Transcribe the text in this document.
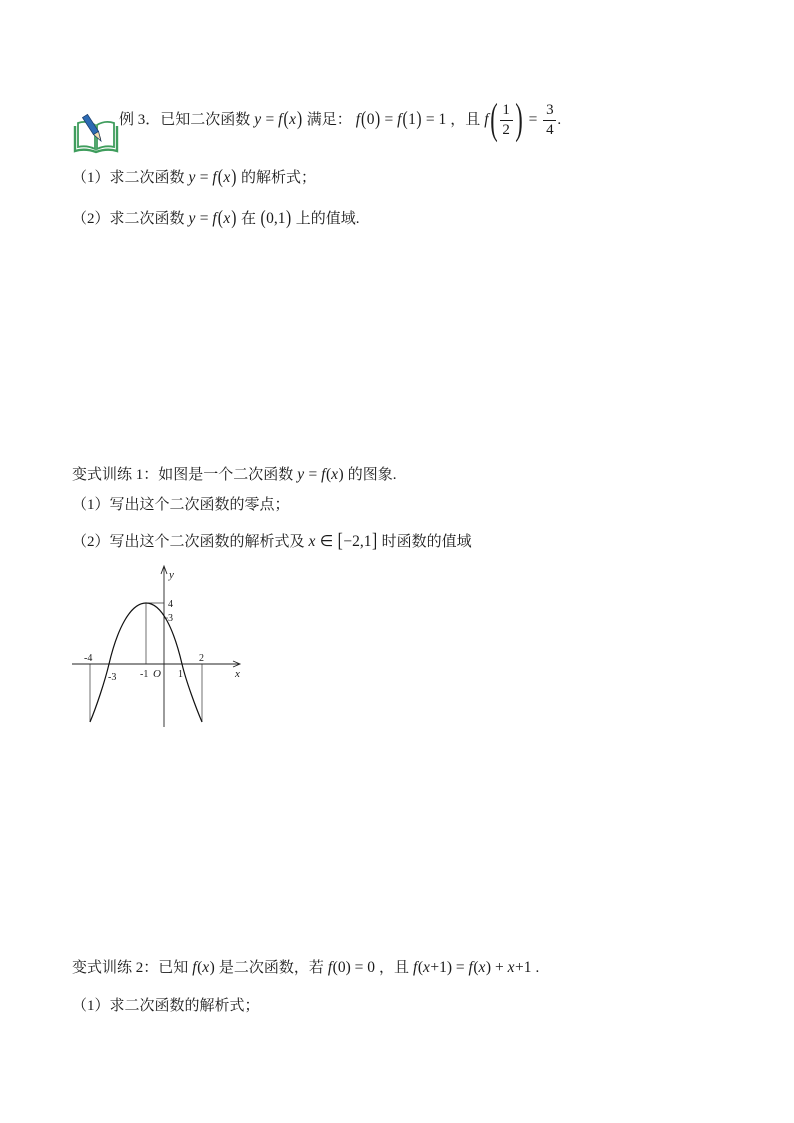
例 3．已知二次函数 y = f(x) 满足： f(0) = f(1) = 1 ，且 f ( $\frac{1}{2}$ ) = $\frac{3}{4}$ .
（1）求二次函数 y = f(x) 的解析式；
（2）求二次函数 y = f(x) 在 (0,1) 上的值域.
变式训练 1：如图是一个二次函数 y = f(x) 的图象.
（1）写出这个二次函数的零点；
（2）写出这个二次函数的解析式及 x ∈ [−2,1] 时函数的值域
y
x
4
3
-4
-3 -1 O 1
2
变式训练 2：已知 f(x) 是二次函数，若 f(0) = 0 ，且 f(x+1) = f(x) + x+1 .
（1）求二次函数的解析式；
